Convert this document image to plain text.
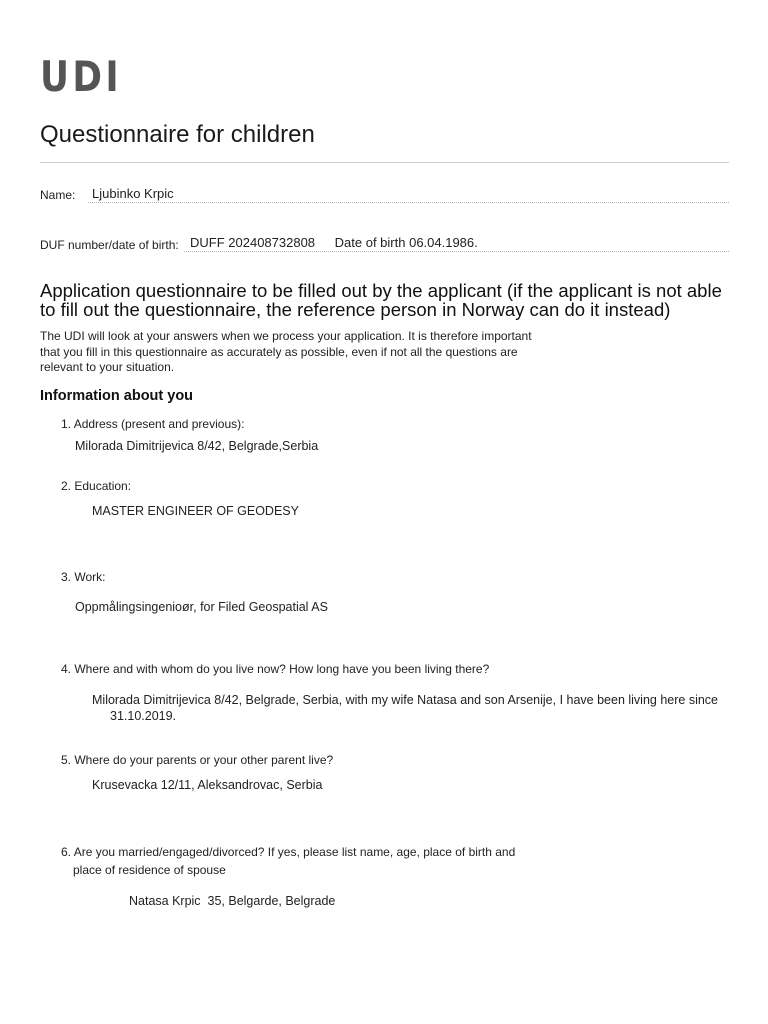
UDI
Questionnaire for children
Name:	Ljubinko Krpic
DUF number/date of birth: DUFF 202408732808 Date of birth 06.04.1986.
Application questionnaire to be filled out by the applicant (if the applicant is not able to fill out the questionnaire, the reference person in Norway can do it instead)
The UDI will look at your answers when we process your application. It is therefore important that you fill in this questionnaire as accurately as possible, even if not all the questions are relevant to your situation.
Information about you
1. Address (present and previous):
Milorada Dimitrijevica 8/42, Belgrade,Serbia
2. Education:
MASTER ENGINEER OF GEODESY
3. Work:
Oppmålingsingenioør, for Filed Geospatial AS
4. Where and with whom do you live now? How long have you been living there?
Milorada Dimitrijevica 8/42, Belgrade, Serbia, with my wife Natasa and son Arsenije, I have been living here since
31.10.2019.
5. Where do your parents or your other parent live?
Krusevacka 12/11, Aleksandrovac, Serbia
6. Are you married/engaged/divorced? If yes, please list name, age, place of birth and
place of residence of spouse
Natasa Krpic  35, Belgarde, Belgrade
